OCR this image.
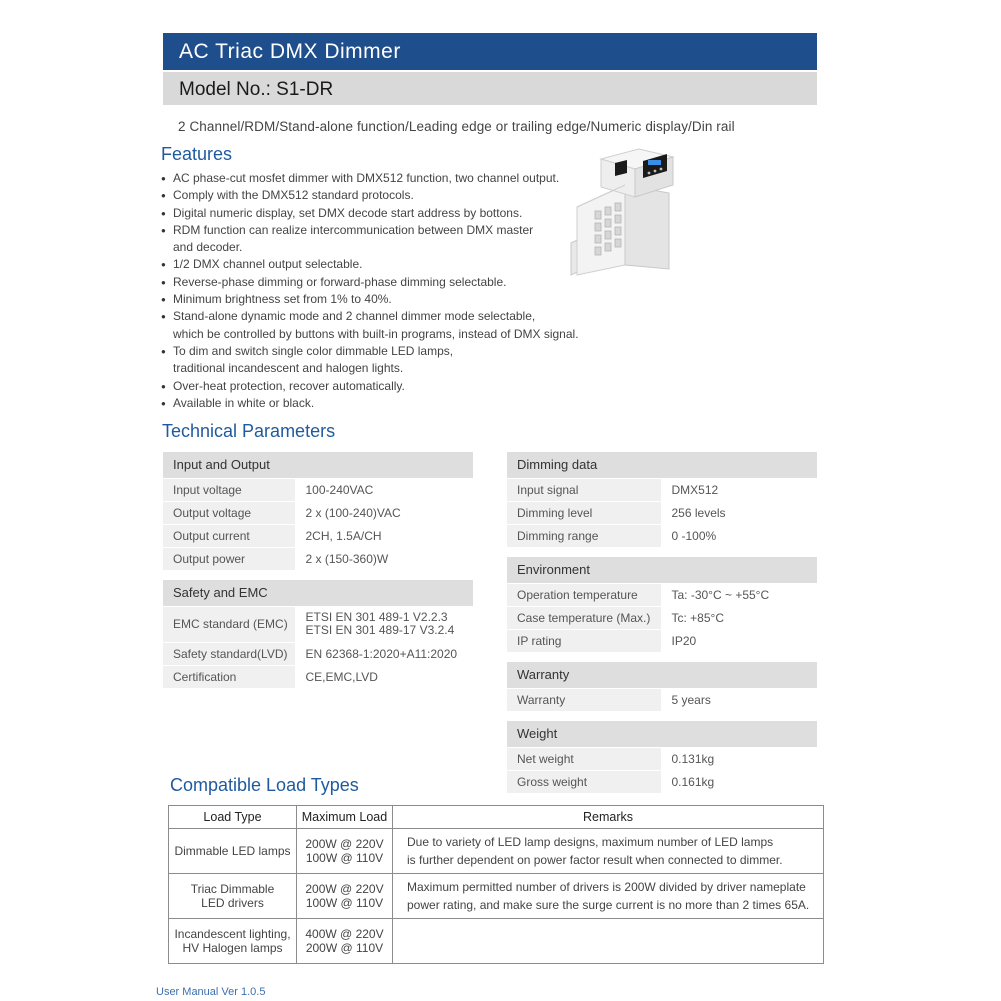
AC Triac DMX Dimmer
Model No.: S1-DR
2 Channel/RDM/Stand-alone function/Leading edge or trailing edge/Numeric display/Din rail
Features
● AC phase-cut mosfet dimmer with DMX512 function, two channel output.
● Comply with the DMX512 standard protocols.
● Digital numeric display, set DMX decode start address by bottons.
● RDM function can realize intercommunication between DMX master
and decoder.
● 1/2 DMX channel output selectable.
● Reverse-phase dimming or forward-phase dimming selectable.
● Minimum brightness set from 1% to 40%.
● Stand-alone dynamic mode and 2 channel dimmer mode selectable,
which be controlled by buttons with built-in programs, instead of DMX signal.
● To dim and switch single color dimmable LED lamps,
traditional incandescent and halogen lights.
● Over-heat protection, recover automatically.
● Available in white or black.
Technical Parameters
Input and Output	
Input voltage	100-240VAC
Output voltage	2 x (100-240)VAC
Output current	2CH, 1.5A/CH
Output power	2 x (150-360)W

Safety and EMC	
EMC standard (EMC)	ETSI EN 301 489-1 V2.2.3
ETSI EN 301 489-17 V3.2.4

Safety standard(LVD)	EN 62368-1:2020+A11:2020
Certification	CE,EMC,LVD
Dimming data	
Input signal	DMX512
Dimming level	256 levels
Dimming range	0 -100%

Environment	
Operation temperature	Ta: -30°C ~ +55°C
Case temperature (Max.)	Tc: +85°C
IP rating	IP20

Warranty	
Warranty	5 years

Weight	
Net weight	0.131kg
Gross weight	0.161kg
Compatible Load Types
Load Type	Maximum Load	Remarks

Dimmable LED lamps	200W @ 220V
100W @ 110V	Due to variety of LED lamp designs, maximum number of LED lamps
is further dependent on power factor result when connected to dimmer.

Triac Dimmable
LED drivers	200W @ 220V
100W @ 110V	Maximum permitted number of drivers is 200W divided by driver nameplate
power rating, and make sure the surge current is no more than 2 times 65A.

Incandescent lighting,
HV Halogen lamps	400W @ 220V
200W @ 110V	

User Manual Ver 1.0.5
